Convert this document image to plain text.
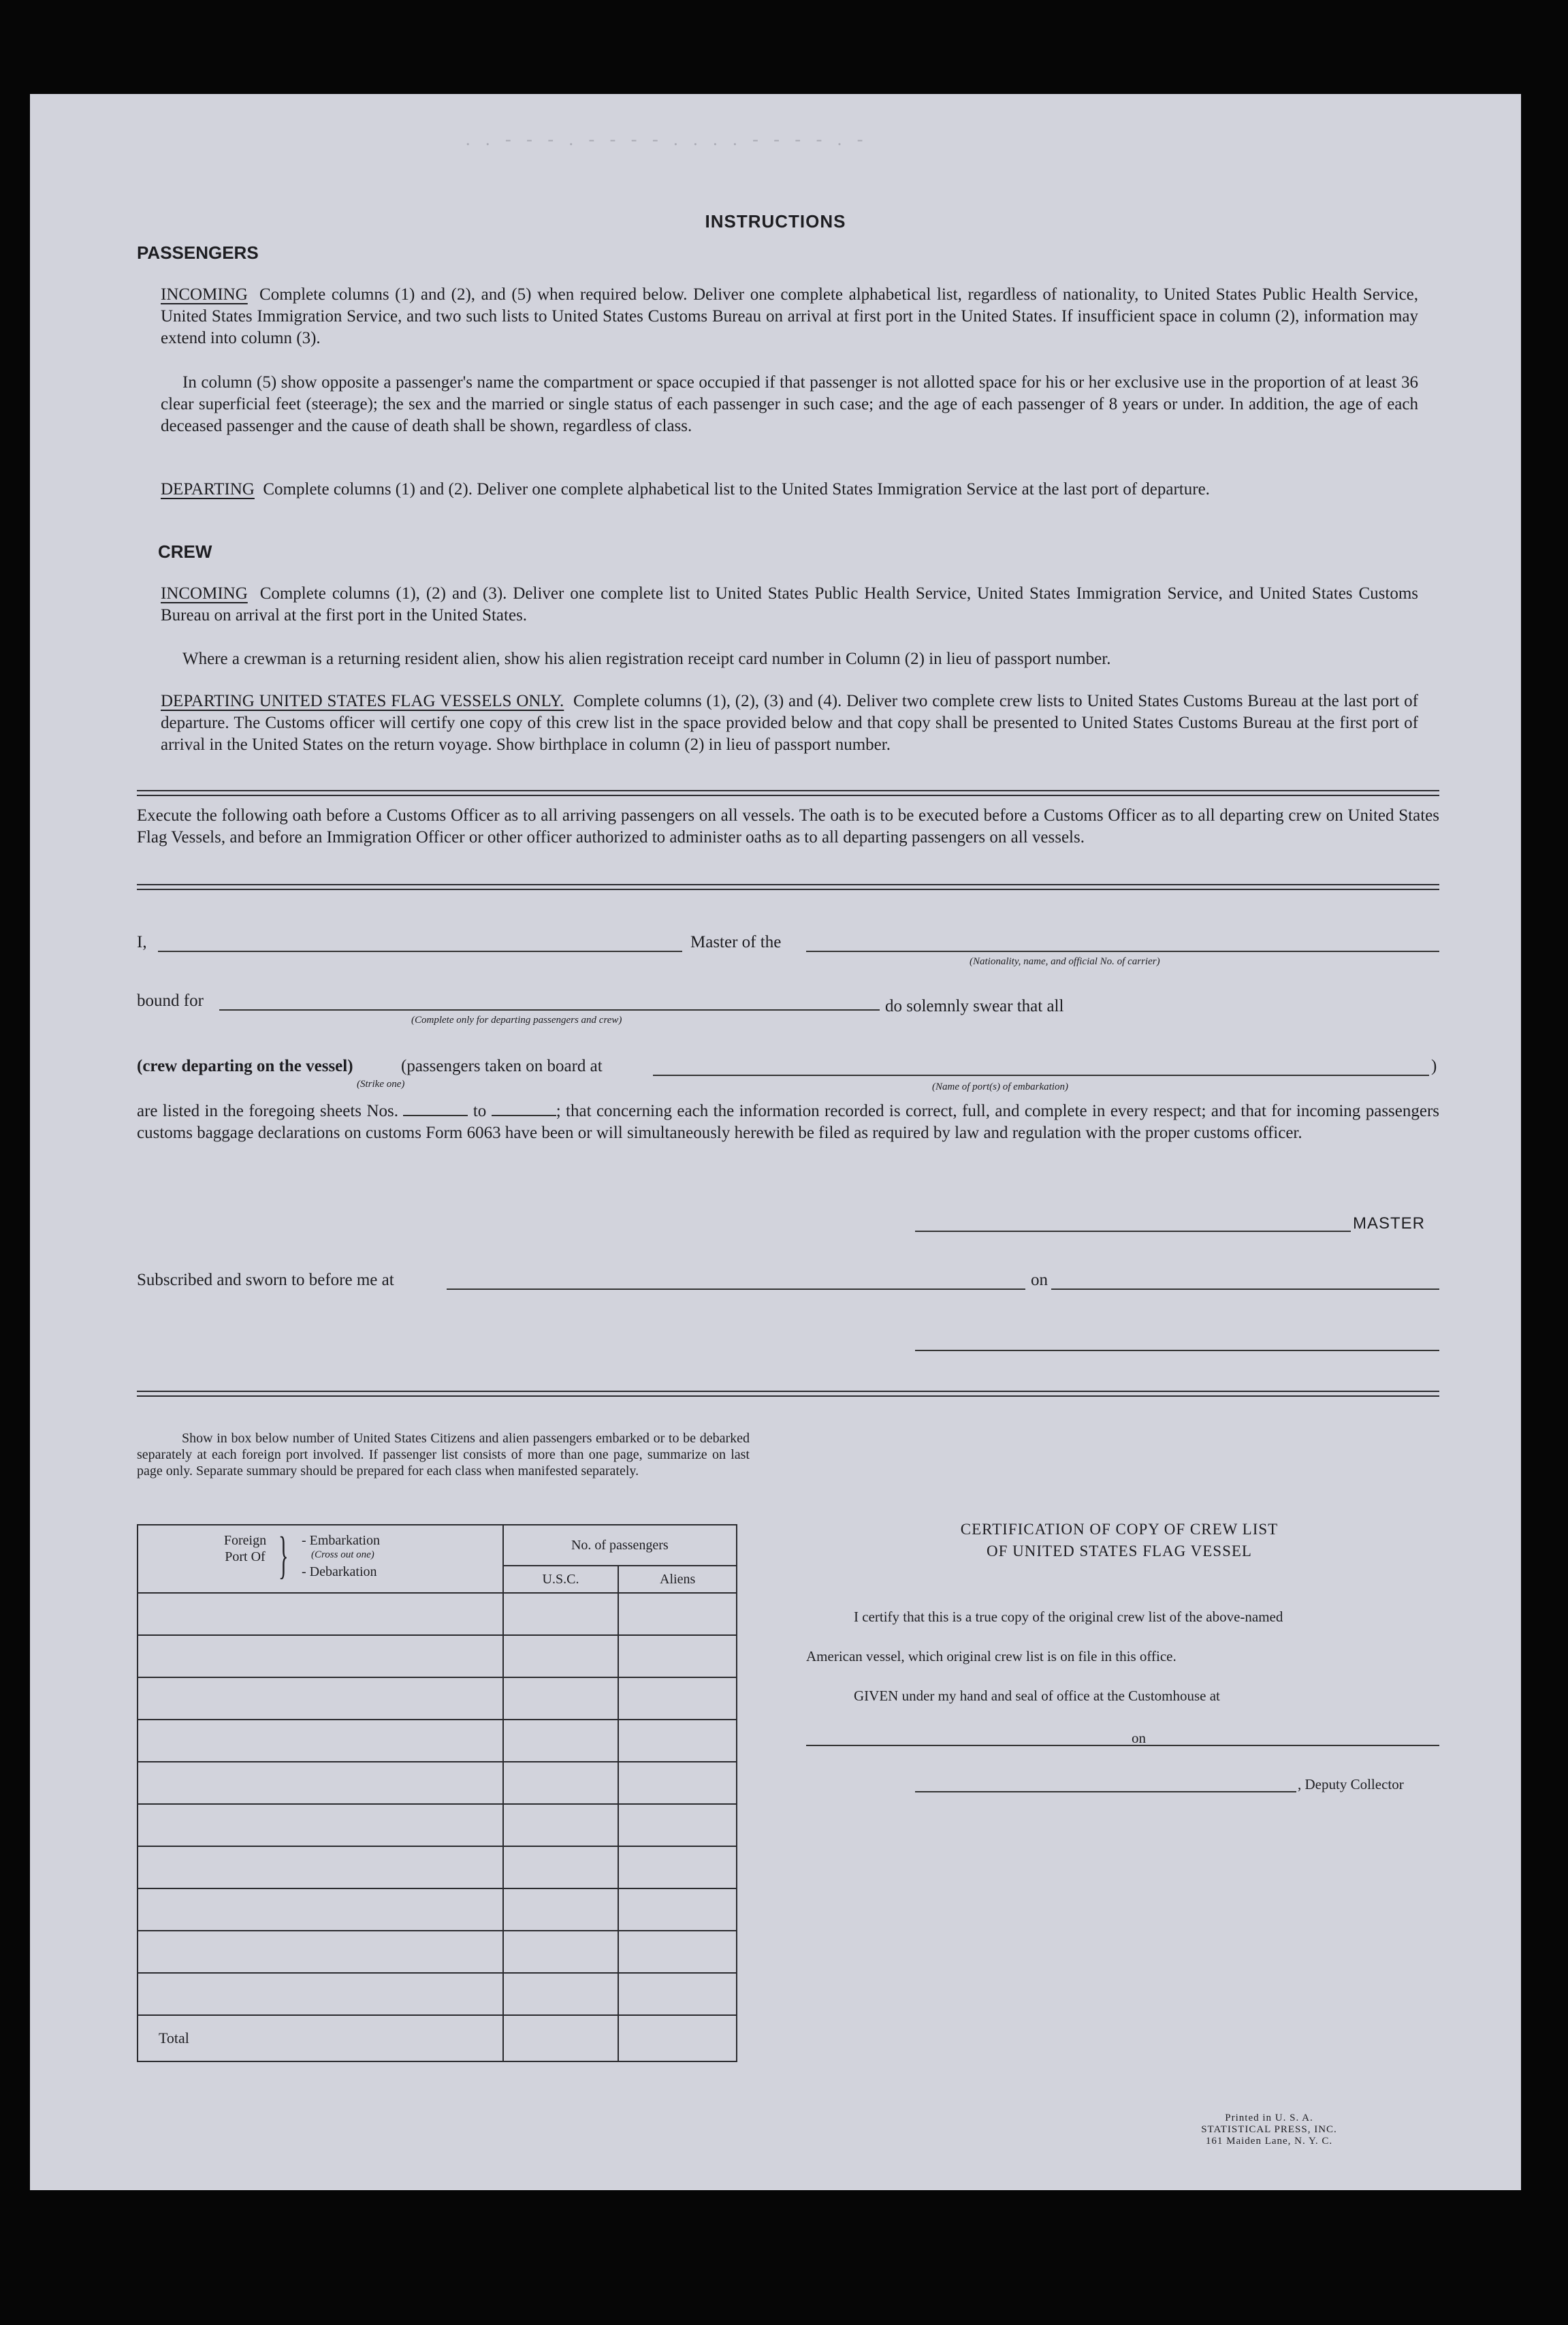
. . - - - . - - - - . . . . - - - - . -
INSTRUCTIONS
PASSENGERS

INCOMING Complete columns (1) and (2), and (5) when required below. Deliver one complete alphabetical list, regardless of nationality, to United States Public Health Service, United States Immigration Service, and two such lists to United States Customs Bureau on arrival at first port in the United States. If insufficient space in column (2), information may extend into column (3).

In column (5) show opposite a passenger's name the compartment or space occupied if that passenger is not allotted space for his or her exclusive use in the proportion of at least 36 clear superficial feet (steerage); the sex and the married or single status of each passenger in such case; and the age of each passenger of 8 years or under. In addition, the age of each deceased passenger and the cause of death shall be shown, regardless of class.

DEPARTING Complete columns (1) and (2). Deliver one complete alphabetical list to the United States Immigration Service at the last port of departure.

CREW

INCOMING Complete columns (1), (2) and (3). Deliver one complete list to United States Public Health Service, United States Immigration Service, and United States Customs Bureau on arrival at the first port in the United States.

Where a crewman is a returning resident alien, show his alien registration receipt card number in Column (2) in lieu of passport number.

DEPARTING UNITED STATES FLAG VESSELS ONLY. Complete columns (1), (2), (3) and (4). Deliver two complete crew lists to United States Customs Bureau at the last port of departure. The Customs officer will certify one copy of this crew list in the space provided below and that copy shall be presented to United States Customs Bureau at the first port of arrival in the United States on the return voyage. Show birthplace in column (2) in lieu of passport number.

Execute the following oath before a Customs Officer as to all arriving passengers on all vessels. The oath is to be executed before a Customs Officer as to all departing crew on United States Flag Vessels, and before an Immigration Officer or other officer authorized to administer oaths as to all departing passengers on all vessels.

I,	Master of the
(Nationality, name, and official No. of carrier)
bound for
(Complete only for departing passengers and crew)
do solemnly swear that all
(crew departing on the vessel)
(Strike one)
(passengers taken on board at	)
(Name of port(s) of embarkation)

are listed in the foregoing sheets Nos.	to	; that concerning each the information recorded is correct, full, and complete in every respect; and that for incoming passengers customs baggage declarations on customs Form 6063 have been or will simultaneously herewith be filed as required by law and regulation with the proper customs officer.

MASTER
Subscribed and sworn to before me at	on

Show in box below number of United States Citizens and alien passengers embarked or to be debarked separately at each foreign port involved. If passenger list consists of more than one page, summarize on last page only. Separate summary should be prepared for each class when manifested separately.

Foreign Port Of } - Embarkation
(Cross out one)
- Debarkation	No. of passengers	
	U.S.C.	Aliens

Total		
CERTIFICATION OF COPY OF CREW LIST
OF UNITED STATES FLAG VESSEL
I certify that this is a true copy of the original crew list of the above-named
American vessel, which original crew list is on file in this office.
GIVEN under my hand and seal of office at the Customhouse at
on
, Deputy Collector
Printed in U. S. A.
STATISTICAL PRESS, INC.
161 Maiden Lane, N. Y. C.
